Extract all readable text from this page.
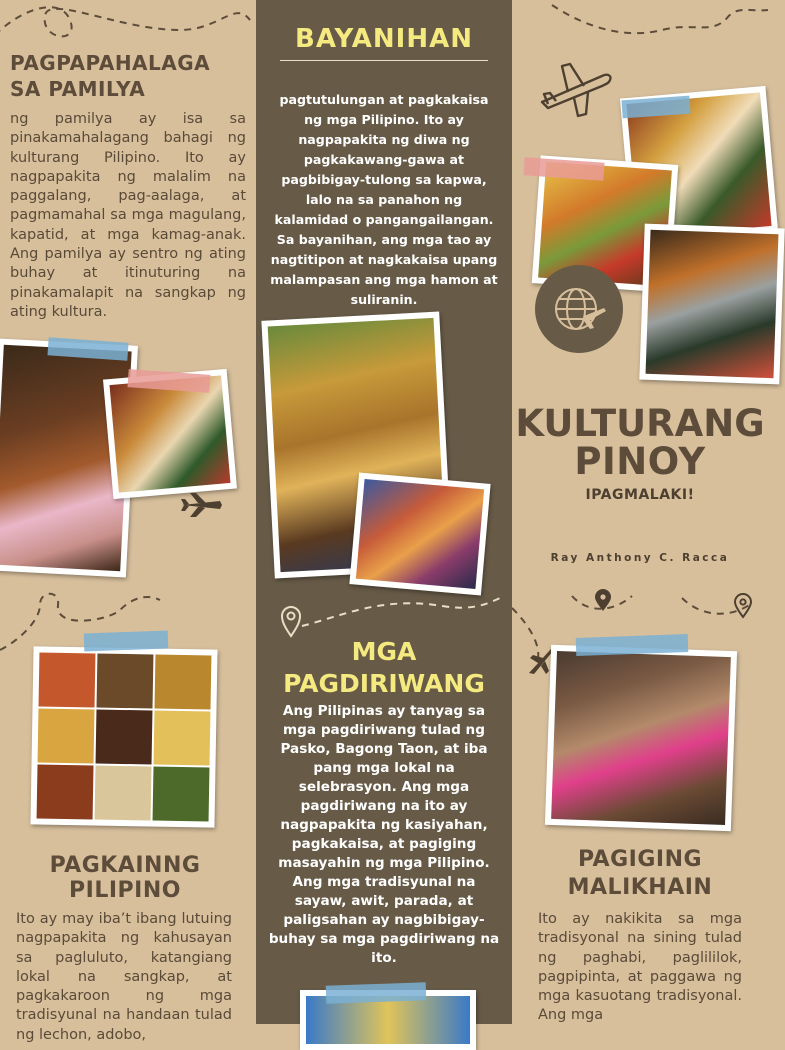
PAGPAPAHALAGA SA PAMILYA
ng pamilya ay isa sa pinakamahalagang bahagi ng kulturang Pilipino. Ito ay nagpapakita ng malalim na paggalang, pag-aalaga, at pagmamahal sa mga magulang, kapatid, at mga kamag-anak. Ang pamilya ay sentro ng ating buhay at itinuturing na pinakamalapit na sangkap ng ating kultura.
PAGKAINNG
PILIPINO
Ito ay may iba’t ibang lutuing nagpapakita ng kahusayan sa pagluluto, katangiang lokal na sangkap, at pagkakaroon ng mga tradisyunal na handaan tulad ng lechon, adobo,
BAYANIHAN
pagtutulungan at pagkakaisa ng mga Pilipino. Ito ay nagpapakita ng diwa ng pagkakawang-gawa at pagbibigay-tulong sa kapwa, lalo na sa panahon ng kalamidad o pangangailangan. Sa bayanihan, ang mga tao ay nagtitipon at nagkakaisa upang malampasan ang mga hamon at suliranin.
MGA
PAGDIRIWANG
Ang Pilipinas ay tanyag sa mga pagdiriwang tulad ng Pasko, Bagong Taon, at iba pang mga lokal na selebrasyon. Ang mga pagdiriwang na ito ay nagpapakita ng kasiyahan, pagkakaisa, at pagiging masayahin ng mga Pilipino. Ang mga tradisyunal na sayaw, awit, parada, at paligsahan ay nagbibigay-buhay sa mga pagdiriwang na ito.
KULTURANG
PINOY
IPAGMALAKI!
Ray Anthony C. Racca
PAGIGING
MALIKHAIN
Ito ay nakikita sa mga tradisyonal na sining tulad ng paghabi, paglililok, pagpipinta, at paggawa ng mga kasuotang tradisyonal. Ang mga
